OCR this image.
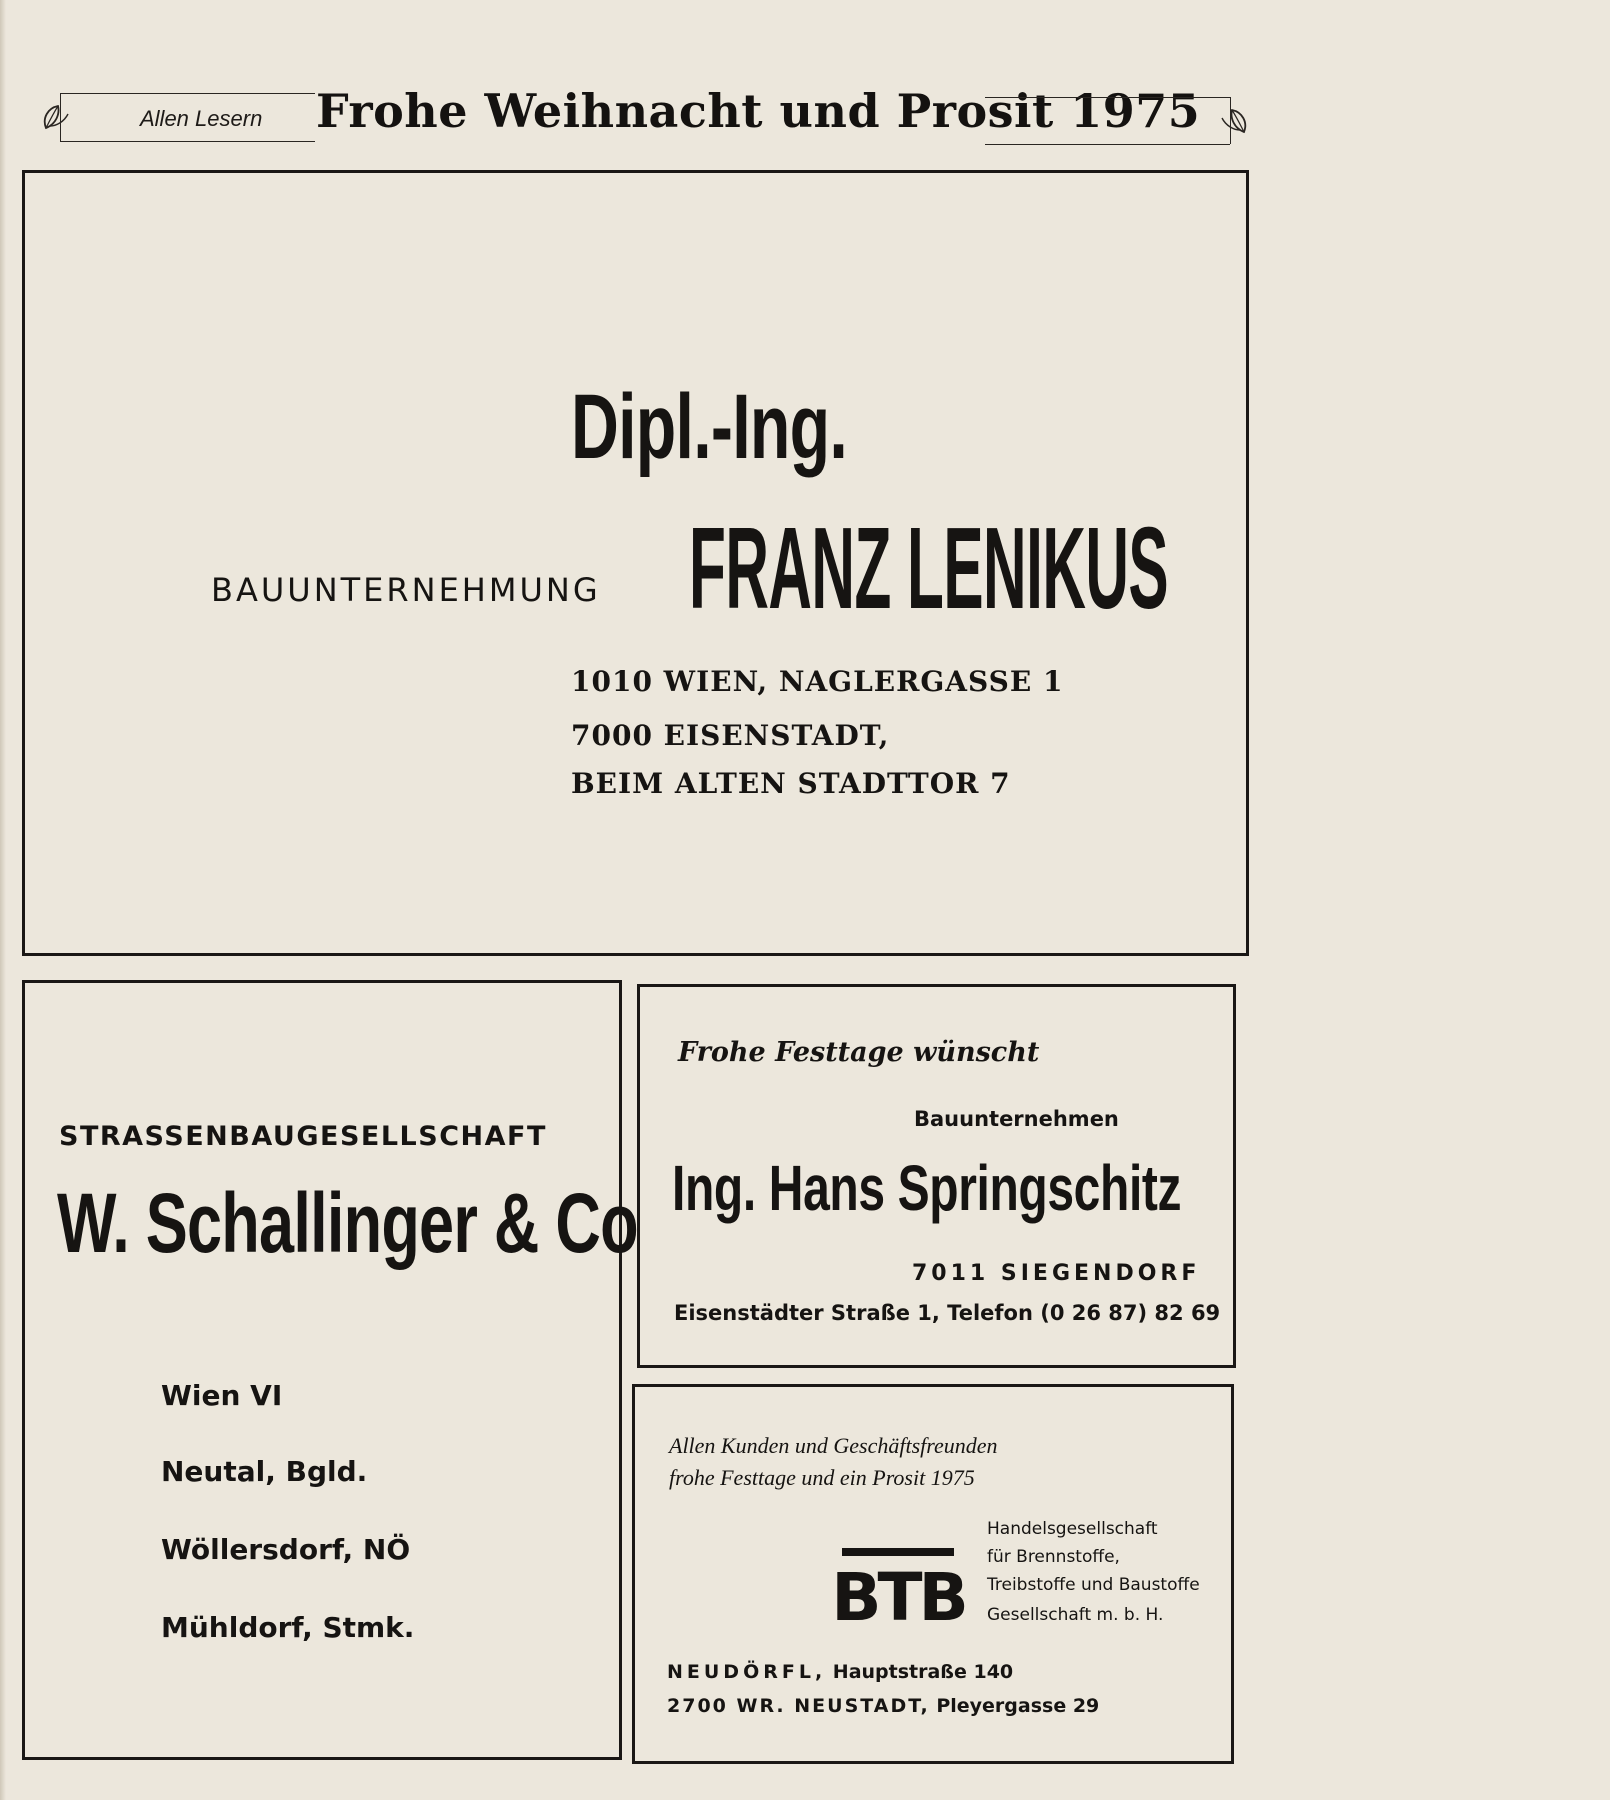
Allen Lesern Frohe Weihnacht und Prosit 1975
Dipl.-Ing.
BAUUNTERNEHMUNG FRANZ LENIKUS
1010 WIEN, NAGLERGASSE 1
7000 EISENSTADT,
BEIM ALTEN STADTTOR 7
STRASSENBAUGESELLSCHAFT
W. Schallinger & Co
Wien VI
Neutal, Bgld.
Wöllersdorf, NÖ
Mühldorf, Stmk.
Frohe Festtage wünscht
Bauunternehmen
Ing. Hans Springschitz
7011 SIEGENDORF
Eisenstädter Straße 1, Telefon (0 26 87) 82 69
Allen Kunden und Geschäftsfreunden
frohe Festtage und ein Prosit 1975
Handelsgesellschaft
für Brennstoffe,
Treibstoffe und Baustoffe
Gesellschaft m. b. H.
NEUDÖRFL, Hauptstraße 140
2700 WR. NEUSTADT, Pleyergasse 29
BTB
